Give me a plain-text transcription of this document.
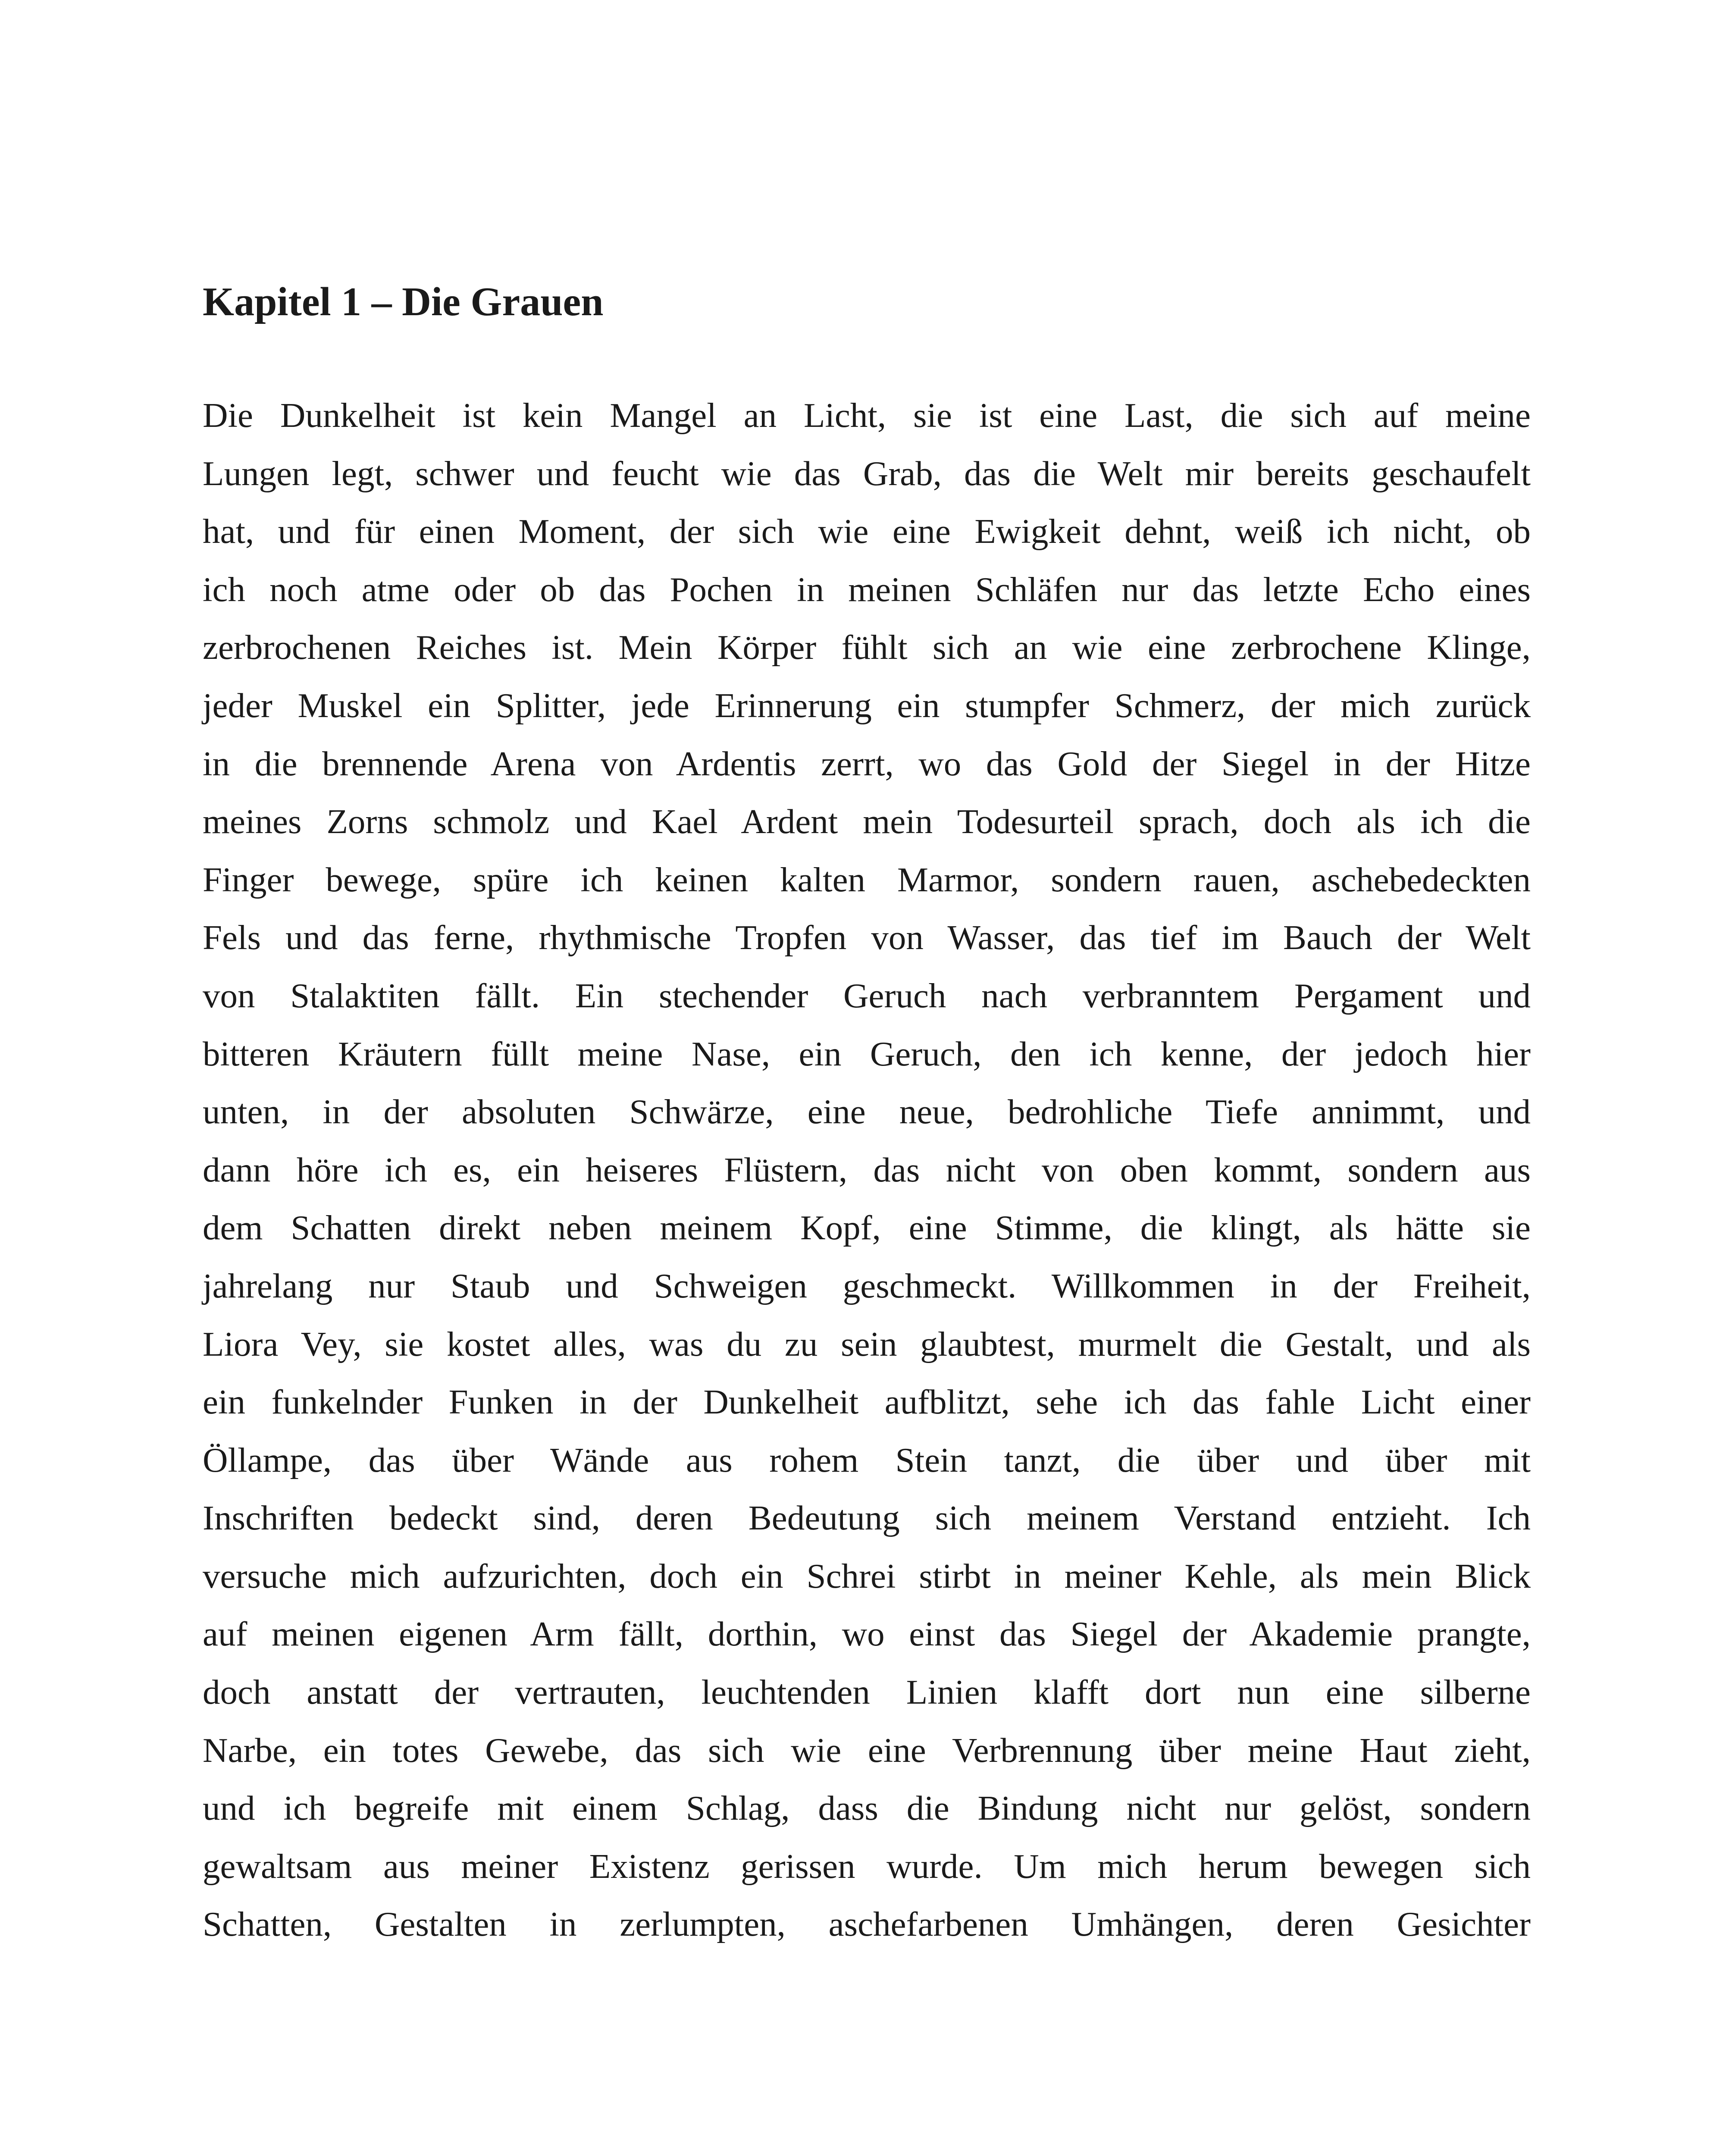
Kapitel 1 – Die Grauen
Die Dunkelheit ist kein Mangel an Licht, sie ist eine Last, die sich auf meine
Lungen legt, schwer und feucht wie das Grab, das die Welt mir bereits geschaufelt
hat, und für einen Moment, der sich wie eine Ewigkeit dehnt, weiß ich nicht, ob
ich noch atme oder ob das Pochen in meinen Schläfen nur das letzte Echo eines
zerbrochenen Reiches ist. Mein Körper fühlt sich an wie eine zerbrochene Klinge,
jeder Muskel ein Splitter, jede Erinnerung ein stumpfer Schmerz, der mich zurück
in die brennende Arena von Ardentis zerrt, wo das Gold der Siegel in der Hitze
meines Zorns schmolz und Kael Ardent mein Todesurteil sprach, doch als ich die
Finger bewege, spüre ich keinen kalten Marmor, sondern rauen, aschebedeckten
Fels und das ferne, rhythmische Tropfen von Wasser, das tief im Bauch der Welt
von Stalaktiten fällt. Ein stechender Geruch nach verbranntem Pergament und
bitteren Kräutern füllt meine Nase, ein Geruch, den ich kenne, der jedoch hier
unten, in der absoluten Schwärze, eine neue, bedrohliche Tiefe annimmt, und
dann höre ich es, ein heiseres Flüstern, das nicht von oben kommt, sondern aus
dem Schatten direkt neben meinem Kopf, eine Stimme, die klingt, als hätte sie
jahrelang nur Staub und Schweigen geschmeckt. Willkommen in der Freiheit,
Liora Vey, sie kostet alles, was du zu sein glaubtest, murmelt die Gestalt, und als
ein funkelnder Funken in der Dunkelheit aufblitzt, sehe ich das fahle Licht einer
Öllampe, das über Wände aus rohem Stein tanzt, die über und über mit
Inschriften bedeckt sind, deren Bedeutung sich meinem Verstand entzieht. Ich
versuche mich aufzurichten, doch ein Schrei stirbt in meiner Kehle, als mein Blick
auf meinen eigenen Arm fällt, dorthin, wo einst das Siegel der Akademie prangte,
doch anstatt der vertrauten, leuchtenden Linien klafft dort nun eine silberne
Narbe, ein totes Gewebe, das sich wie eine Verbrennung über meine Haut zieht,
und ich begreife mit einem Schlag, dass die Bindung nicht nur gelöst, sondern
gewaltsam aus meiner Existenz gerissen wurde. Um mich herum bewegen sich
Schatten, Gestalten in zerlumpten, aschefarbenen Umhängen, deren Gesichter
